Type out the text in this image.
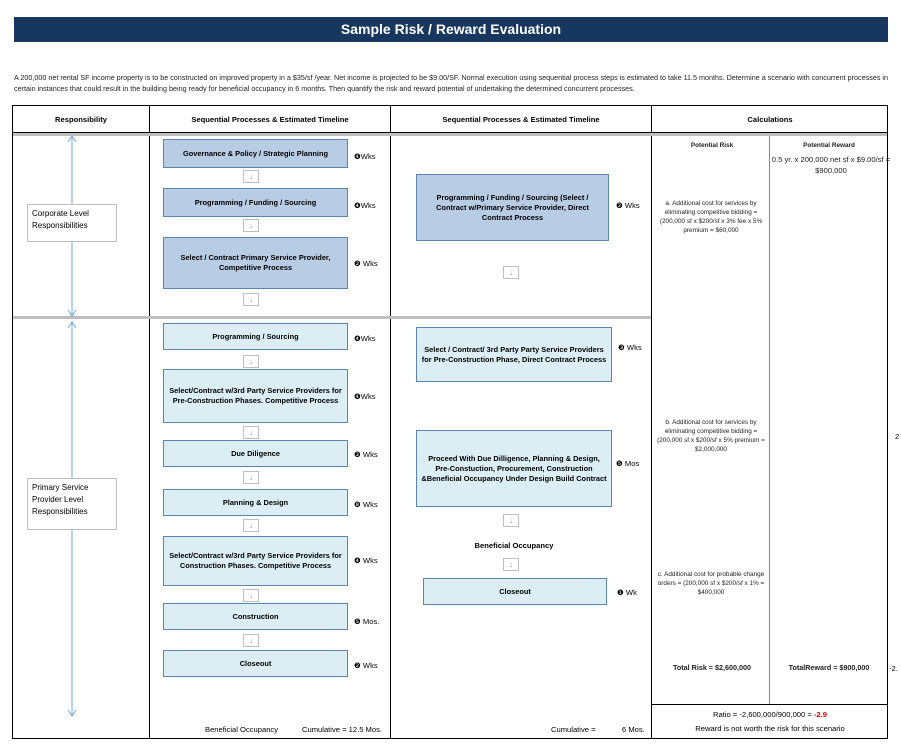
Sample Risk / Reward Evaluation
A 200,000 net rental SF income property is to be constructed on improved property in a $35/sf /year. Net income is projected to be $9.00/SF. Normal execution using sequential process steps is estimated to take 11.5 months. Determine a scenario with concurrent processes in certain instances that could result in the building being ready for beneficial occupancy in 6 months. Then quantify the risk and reward potential of undertaking the determined concurrent processes.
Responsibility	Sequential Processes & Estimated Timeline	Sequential Processes & Estimated Timeline	Calculations
Corporate Level Responsibilities
Primary Service Provider Level Responsibilities
Governance & Policy / Strategic Planning	❹Wks
↓
Programming / Funding / Sourcing	❹Wks
↓
Select / Contract Primary Service Provider, Competitive Process	❷ Wks
↓
Programming / Sourcing	❹Wks
↓
Select/Contract w/3rd Party Service Providers for Pre-Construction Phases. Competitive Process	❹Wks
↓
Due Diligence	❷ Wks
↓
Planning & Design	❽ Wks
↓
Select/Contract w/3rd Party Service Providers for Construction Phases. Competitive Process
❹ Wks
↓
Construction
❺ Mos.
↓
Closeout	❷ Wks
Programming / Funding / Sourcing (Select / Contract w/Primary Service Provider, Direct Contract Process
❷ Wks
↓
Select / Contract/ 3rd Party Party Service Providers for Pre-Construction Phase, Direct Contract Process
❸ Wks
Proceed With Due Dilligence, Planning & Design, Pre-Constuction, Procurement, Construction &Beneficial Occupancy Under Design Build Contract
❺ Mos
↓
Beneficial Occupancy
↓
Closeout	❶ Wk
Beneficial Occupancy	Cumulative = 12.5 Mos.	Cumulative =	6 Mos.
Potential Risk	Potential Reward
0.5 yr. x 200,000 net sf x $9.00/sf = $900,000
a. Additional cost for services by eliminating competitive bidding = (200,000 sf x $200/sf x 3% fee x 5% premium = $60,000
b. Additional cost for services by eliminating competitive bidding = (200,000 sf x $200/sf x 5% premium = $2,000,000
c. Additional cost for probable change orders = (200,000 sf x $200/sf x 1% = $400,000
Total Risk = $2,600,000	TotalReward = $900,000
Ratio = -2,600,000/900,000 = -2.9
Reward is not worth the risk for this scenario
2
-2.
